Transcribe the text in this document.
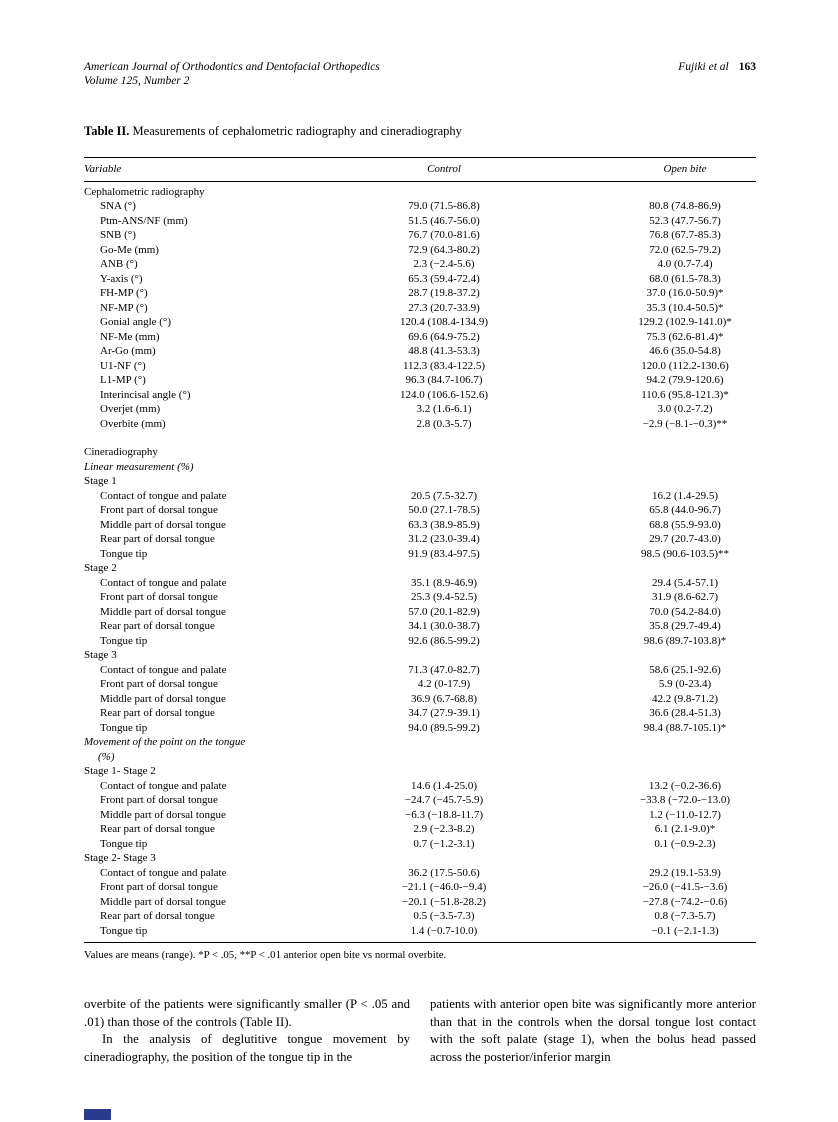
American Journal of Orthodontics and Dentofacial Orthopedics
Volume 125, Number 2
Fujiki et al 163
Table II. Measurements of cephalometric radiography and cineradiography
Variable	Control	Open bite
Cephalometric radiography
SNA (°)	79.0 (71.5-86.8)	80.8 (74.8-86.9)
Ptm-ANS/NF (mm)	51.5 (46.7-56.0)	52.3 (47.7-56.7)
SNB (°)	76.7 (70.0-81.6)	76.8 (67.7-85.3)
Go-Me (mm)	72.9 (64.3-80.2)	72.0 (62.5-79.2)
ANB (°)	2.3 (−2.4-5.6)	4.0 (0.7-7.4)
Y-axis (°)	65.3 (59.4-72.4)	68.0 (61.5-78.3)
FH-MP (°)	28.7 (19.8-37.2)	37.0 (16.0-50.9)*
NF-MP (°)	27.3 (20.7-33.9)	35.3 (10.4-50.5)*
Gonial angle (°)	120.4 (108.4-134.9)	129.2 (102.9-141.0)*
NF-Me (mm)	69.6 (64.9-75.2)	75.3 (62.6-81.4)*
Ar-Go (mm)	48.8 (41.3-53.3)	46.6 (35.0-54.8)
U1-NF (°)	112.3 (83.4-122.5)	120.0 (112.2-130.6)
L1-MP (°)	96.3 (84.7-106.7)	94.2 (79.9-120.6)
Interincisal angle (°)	124.0 (106.6-152.6)	110.6 (95.8-121.3)*
Overjet (mm)	3.2 (1.6-6.1)	3.0 (0.2-7.2)
Overbite (mm)	2.8 (0.3-5.7)	−2.9 (−8.1-−0.3)**
Cineradiography
Linear measurement (%)
Stage 1
Contact of tongue and palate	20.5 (7.5-32.7)	16.2 (1.4-29.5)
Front part of dorsal tongue	50.0 (27.1-78.5)	65.8 (44.0-96.7)
Middle part of dorsal tongue	63.3 (38.9-85.9)	68.8 (55.9-93.0)
Rear part of dorsal tongue	31.2 (23.0-39.4)	29.7 (20.7-43.0)
Tongue tip	91.9 (83.4-97.5)	98.5 (90.6-103.5)**
Stage 2
Contact of tongue and palate	35.1 (8.9-46.9)	29.4 (5.4-57.1)
Front part of dorsal tongue	25.3 (9.4-52.5)	31.9 (8.6-62.7)
Middle part of dorsal tongue	57.0 (20.1-82.9)	70.0 (54.2-84.0)
Rear part of dorsal tongue	34.1 (30.0-38.7)	35.8 (29.7-49.4)
Tongue tip	92.6 (86.5-99.2)	98.6 (89.7-103.8)*
Stage 3
Contact of tongue and palate	71.3 (47.0-82.7)	58.6 (25.1-92.6)
Front part of dorsal tongue	4.2 (0-17.9)	5.9 (0-23.4)
Middle part of dorsal tongue	36.9 (6.7-68.8)	42.2 (9.8-71.2)
Rear part of dorsal tongue	34.7 (27.9-39.1)	36.6 (28.4-51.3)
Tongue tip	94.0 (89.5-99.2)	98.4 (88.7-105.1)*
Movement of the point on the tongue (%)
Stage 1- Stage 2
Contact of tongue and palate	14.6 (1.4-25.0)	13.2 (−0.2-36.6)
Front part of dorsal tongue	−24.7 (−45.7-5.9)	−33.8 (−72.0-−13.0)
Middle part of dorsal tongue	−6.3 (−18.8-11.7)	1.2 (−11.0-12.7)
Rear part of dorsal tongue	2.9 (−2.3-8.2)	6.1 (2.1-9.0)*
Tongue tip	0.7 (−1.2-3.1)	0.1 (−0.9-2.3)
Stage 2- Stage 3
Contact of tongue and palate	36.2 (17.5-50.6)	29.2 (19.1-53.9)
Front part of dorsal tongue	−21.1 (−46.0-−9.4)	−26.0 (−41.5-−3.6)
Middle part of dorsal tongue	−20.1 (−51.8-28.2)	−27.8 (−74.2-−0.6)
Rear part of dorsal tongue	0.5 (−3.5-7.3)	0.8 (−7.3-5.7)
Tongue tip	1.4 (−0.7-10.0)	−0.1 (−2.1-1.3)
Values are means (range). *P < .05, **P < .01 anterior open bite vs normal overbite.

overbite of the patients were significantly smaller (P < .05 and .01) than those of the controls (Table II).

In the analysis of deglutitive tongue movement by cineradiography, the position of the tongue tip in the

patients with anterior open bite was significantly more anterior than that in the controls when the dorsal tongue lost contact with the soft palate (stage 1), when the bolus head passed across the posterior/inferior margin
